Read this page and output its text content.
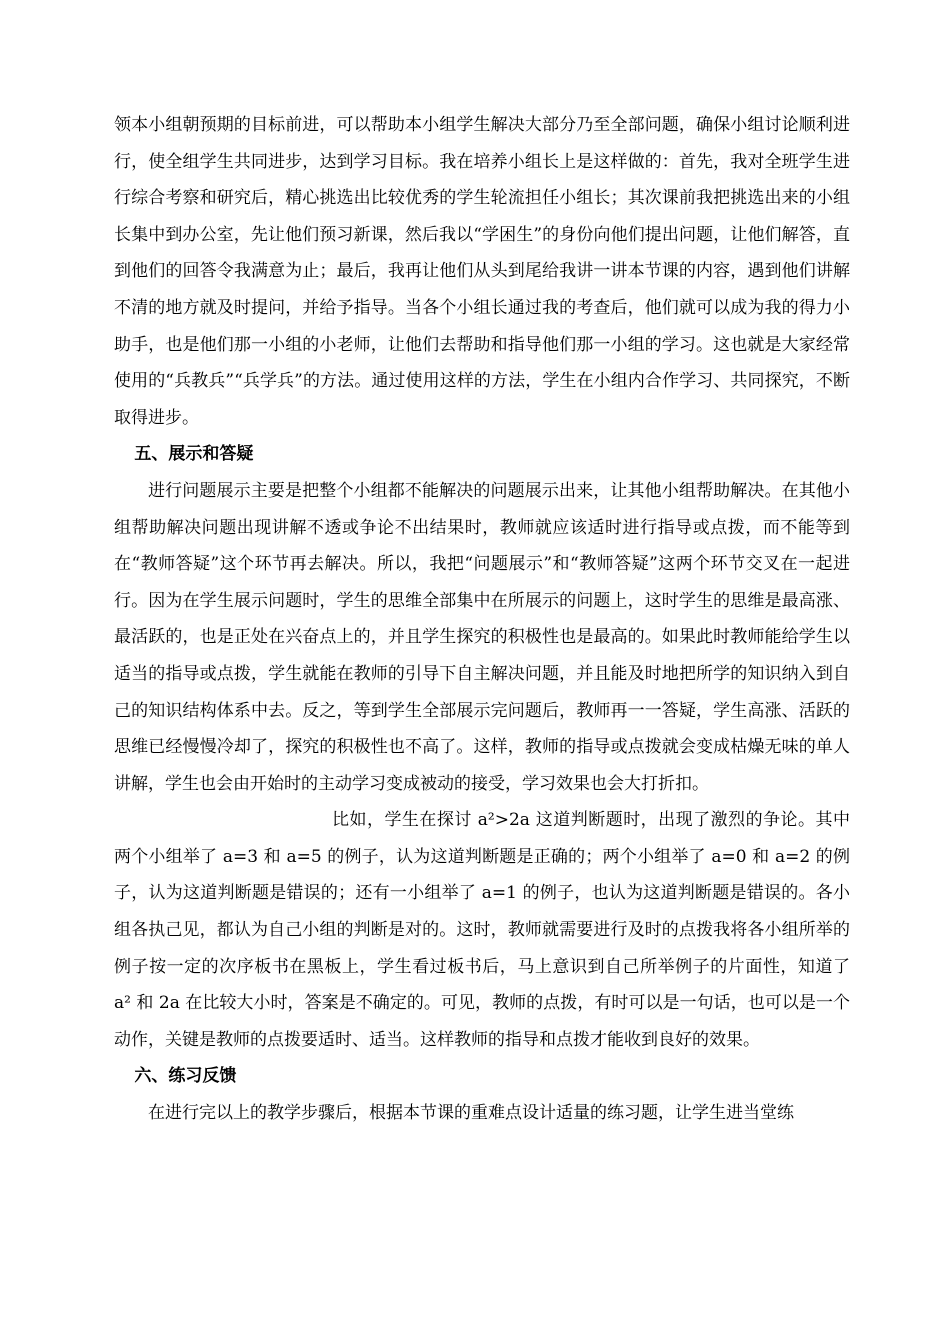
领本小组朝预期的目标前进，可以帮助本小组学生解决大部分乃至全部问题，确保小组讨论顺利进行，使全组学生共同进步，达到学习目标。我在培养小组长上是这样做的：首先，我对全班学生进行综合考察和研究后，精心挑选出比较优秀的学生轮流担任小组长；其次课前我把挑选出来的小组长集中到办公室，先让他们预习新课，然后我以“学困生”的身份向他们提出问题，让他们解答，直到他们的回答令我满意为止；最后，我再让他们从头到尾给我讲一讲本节课的内容，遇到他们讲解不清的地方就及时提问，并给予指导。当各个小组长通过我的考查后，他们就可以成为我的得力小助手，也是他们那一小组的小老师，让他们去帮助和指导他们那一小组的学习。这也就是大家经常使用的“兵教兵”“兵学兵”的方法。通过使用这样的方法，学生在小组内合作学习、共同探究，不断取得进步。

五、展示和答疑

进行问题展示主要是把整个小组都不能解决的问题展示出来，让其他小组帮助解决。在其他小组帮助解决问题出现讲解不透或争论不出结果时，教师就应该适时进行指导或点拨，而不能等到在“教师答疑”这个环节再去解决。所以，我把“问题展示”和“教师答疑”这两个环节交叉在一起进行。因为在学生展示问题时，学生的思维全部集中在所展示的问题上，这时学生的思维是最高涨、最活跃的，也是正处在兴奋点上的，并且学生探究的积极性也是最高的。如果此时教师能给学生以适当的指导或点拨，学生就能在教师的引导下自主解决问题，并且能及时地把所学的知识纳入到自己的知识结构体系中去。反之，等到学生全部展示完问题后，教师再一一答疑，学生高涨、活跃的思维已经慢慢冷却了，探究的积极性也不高了。这样，教师的指导或点拨就会变成枯燥无味的单人讲解，学生也会由开始时的主动学习变成被动的接受，学习效果也会大打折扣。

比如，学生在探讨 a²>2a 这道判断题时，出现了激烈的争论。其中两个小组举了 a=3 和 a=5 的例子，认为这道判断题是正确的；两个小组举了 a=0 和 a=2 的例子，认为这道判断题是错误的；还有一小组举了 a=1 的例子，也认为这道判断题是错误的。各小组各执己见，都认为自己小组的判断是对的。这时，教师就需要进行及时的点拨我将各小组所举的例子按一定的次序板书在黑板上，学生看过板书后，马上意识到自己所举例子的片面性，知道了 a² 和 2a 在比较大小时，答案是不确定的。可见，教师的点拨，有时可以是一句话，也可以是一个动作，关键是教师的点拨要适时、适当。这样教师的指导和点拨才能收到良好的效果。

六、练习反馈

在进行完以上的教学步骤后，根据本节课的重难点设计适量的练习题，让学生进当堂练
